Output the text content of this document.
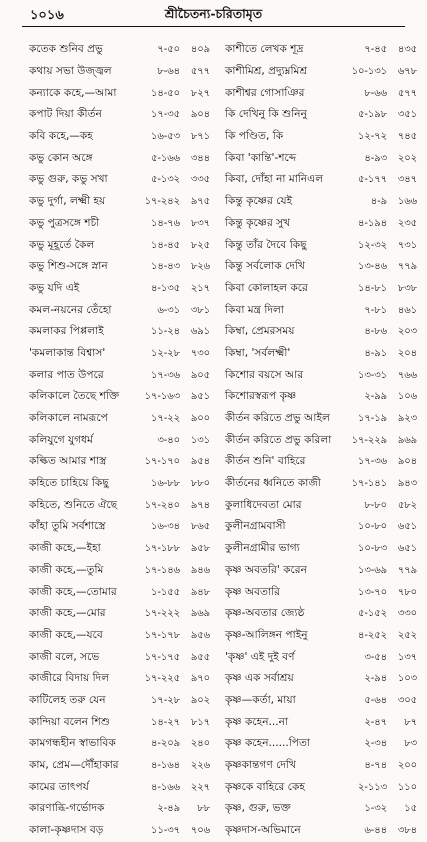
১০১৬	শ্রীচৈতন্য-চরিতামৃত
কতেক শুনিব প্রভু	৭-৫০	৪০৯
কথায় সভা উজ্জ্বল	৮-৬৪	৫৭৭
কন্যাকে কহে,—আমা	১৪-৫০	৮২৭
কপাট দিয়া কীর্তন	১৭-৩৫	৯০৪
কবি কহে,—কহ	১৬-৫৩	৮৭১
কভু কোন অঙ্গে	৫-১৬৬	৩৪৪
কভু গুরু, কভু সখা	৫-১৩২	৩৩৫
কভু দুর্গা, লক্ষ্মী হয়	১৭-২৪২	৯৭৫
কভু পুত্রসঙ্গে শচী	১৪-৭৬	৮৩৭
কভু মূহূর্তে কৈল	১৪-৪৫	৮২৫
কভু শিশু-সঙ্গে স্নান	১৪-৪৩	৮২৬
কভু যদি এই	৪-১৩৫	২১৭
কমল-নয়নের তেঁহো	৬-৩১	৩৮১
কমলাকর পিপ্পলাই	১১-২৪	৬৯১
'কমলাকান্ত বিশ্বাস'	১২-২৮	৭৩০
কলার পাত উপরে	১৭-৩৬	৯০৫
কলিকালে তৈছে শক্তি	১৭-১৬৩	৯৫১
কলিকালে নামরূপে	১৭-২২	৯০০
কলিযুগে যুগধর্ম	৩-৪০	১৩১
কল্কিত আমার শাস্ত্র	১৭-১৭০	৯৫৪
কহিতে চাহিয়ে কিছু	১৬-৮৮	৮৮০
কহিতে, শুনিতে ঐছে	১৭-২৪০	৯৭৪
কাঁহা তুমি সর্বশাস্ত্রে	১৬-৩৪	৮৬৫
কাজী কহে,—ইহা	১৭-১৮৮	৯৫৮
কাজী কহে,—তুমি	১৭-১৪৬	৯৪৬
কাজী কহে,—তোমার	১-১৫৫	৯৪৮
কাজী কহে,—মোর	১৭-২২২	৯৬৯
কাজী কহে,—যবে	১৭-১৭৮	৯৫৬
কাজী বলে, সভে	১৭-১৭৫	৯৫৫
কাজীরে বিদায় দিল	১৭-২২৫	৯৭০
কাটিলেহ তরু যেন	১৭-২৮	৯০২
কান্দিয়া বলেন শিশু	১৪-২৭	৮১৭
কামগন্ধহীন স্বাভাবিক	৪-২০৯	২৪০
কাম, প্রেম—দৌঁহাকার	৪-১৬৪	২২৬
কামের তাৎপর্য	৪-১৬৬	২২৭
কারণাব্ধি-গর্ভোদক	২-৪৯	৮৮
কালা-কৃষ্ণদাস বড়	১১-৩৭	৭০৬
কাশীতে লেখক শূদ্র	৭-৪৫	৪৩৫
কাশীমিশ্র, প্রদ্যুম্নমিশ্র	১০-১৩১	৬৭৮
কাশীশ্বর গোসাঞির	৮-৬৬	৫৭৭
কি দেখিনু কি শুনিনু	৫-১৯৮	৩৫১
কি পণ্ডিত, কি	১২-৭২	৭৪৫
কিবা 'কান্তি'-শব্দে	৪-৯৩	২০২
কিবা, দোঁহা না মানিএল	৫-১৭৭	৩৪৭
কিন্তু কৃষ্ণের যেই	৪-৯	১৬৬
কিন্তু কৃষ্ণের সুখ	৪-১৯৪	২৩৫
কিন্তু তাঁর দৈবে কিছু	১২-৩২	৭৩১
কিন্তু সর্বলোক দেখি	১৩-৪৬	৭৭৯
কিবা কোলাহল করে	১৪-৮১	৮৩৮
কিবা মন্ত্র দিলা	৭-৮১	৪৬১
কিম্বা, প্রেমরসময়	৪-৮৬	২০৩
কিম্বা, 'সর্বলক্ষ্মী'	৪-৯১	২০৪
কিশোর বয়সে আর	১৩-৩১	৭৬৬
কিশোরস্বরূপ কৃষ্ণ	২-৯৯	১০৬
কীর্তন করিতে প্রভু আইল	১৭-১৯	৯২৩
কীর্তন করিতে প্রভু করিলা	১৭-২২৯	৯৬৯
কীর্তন শুনি' বাহিরে	১৭-৩৬	৯০৪
কীর্তনের ধ্বনিতে কাজী	১৭-১৪১	৯৪৩
কুলাধিদেবতা মোর	৮-৮০	৫৮২
কুলীনগ্রামবাসী	১০-৮০	৬৫১
কুলীনগ্রামীর ভাগ্য	১০-৮৩	৬৫১
কৃষ্ণ অবতরি' করেন	১৩-৬৯	৭৭৯
কৃষ্ণ অবতারি	১৩-৭০	৭৮০
কৃষ্ণ-অবতার জ্যেষ্ঠ	৫-১৫২	৩৩০
কৃষ্ণ-আলিঙ্গন পাইনু	৪-২৫২	২৫২
'কৃষ্ণ' এই দুই বর্ণ	৩-৫৪	১৩৭
কৃষ্ণ এক সর্বাশ্রয়	২-৯৪	১০৩
কৃষ্ণ—কর্তা, মায়া	৫-৬৪	৩০৫
কৃষ্ণ কহেন...না	২-৪৭	৮৭
কৃষ্ণ কহেন......পিতা	২-৩৪	৮৩
কৃষ্ণকান্তগণ দেখি	৪-৭৪	২০০
কৃষ্ণকে বাহিরে কেহ	২-১১৩	১১০
কৃষ্ণ, গুরু, ভক্ত	১-৩২	১৫
কৃষ্ণদাস-অভিমানে	৬-৪৪	৩৮৪
